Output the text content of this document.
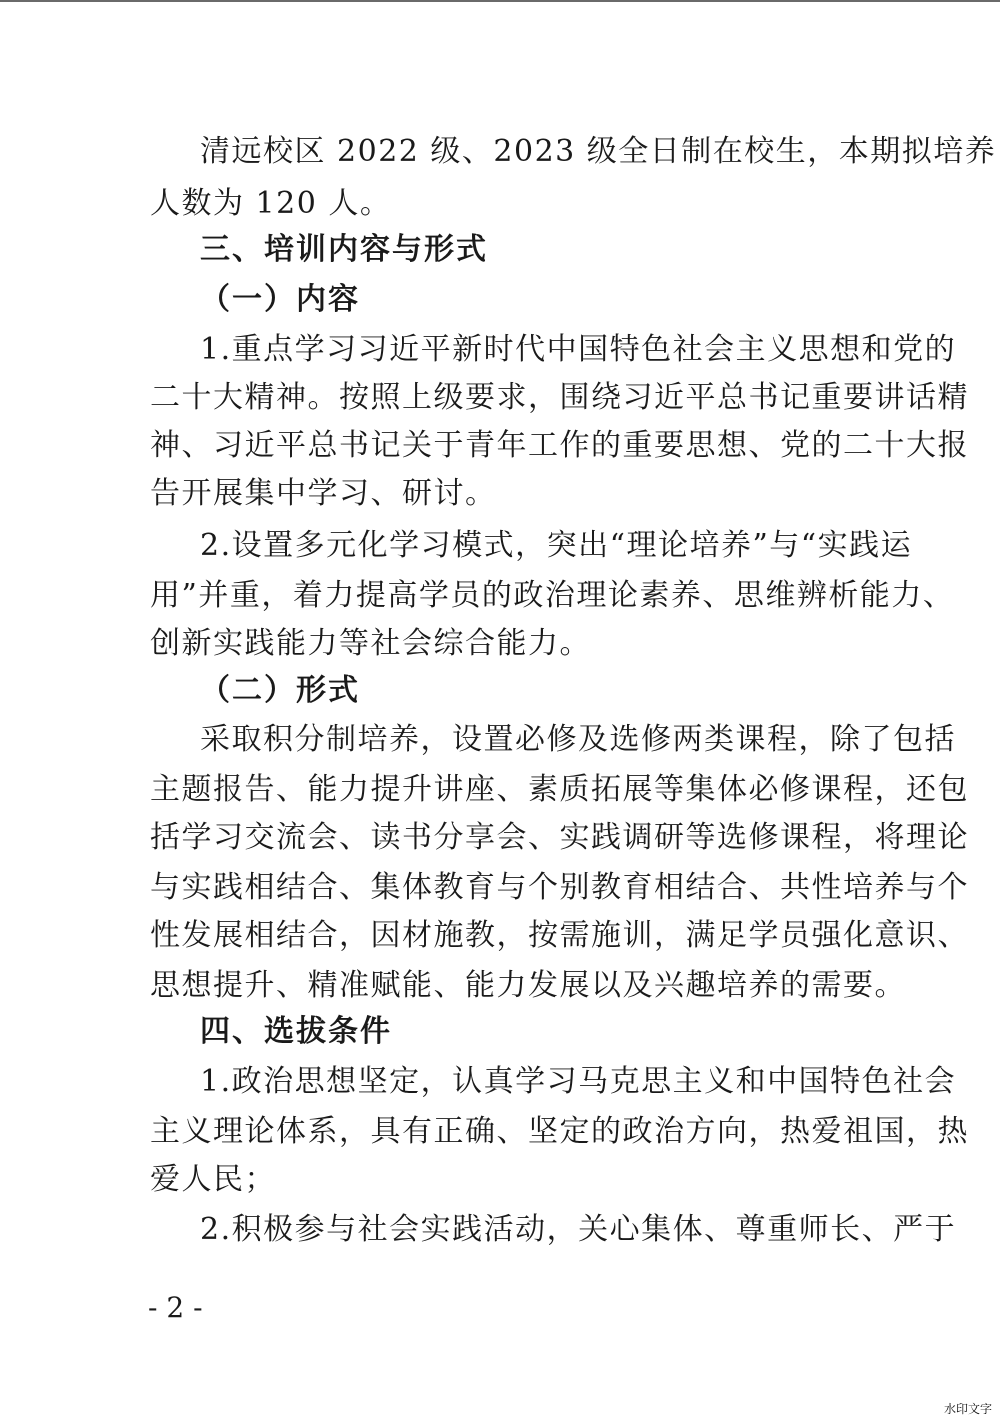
清远校区 2022 级、2023 级全日制在校生，本期拟培养
人数为 120 人。
三、培训内容与形式
（一）内容
1.重点学习习近平新时代中国特色社会主义思想和党的
二十大精神。按照上级要求，围绕习近平总书记重要讲话精
神、习近平总书记关于青年工作的重要思想、党的二十大报
告开展集中学习、研讨。
2.设置多元化学习模式，突出“理论培养”与“实践运
用”并重，着力提高学员的政治理论素养、思维辨析能力、
创新实践能力等社会综合能力。
（二）形式
采取积分制培养，设置必修及选修两类课程，除了包括
主题报告、能力提升讲座、素质拓展等集体必修课程，还包
括学习交流会、读书分享会、实践调研等选修课程，将理论
与实践相结合、集体教育与个别教育相结合、共性培养与个
性发展相结合，因材施教，按需施训，满足学员强化意识、
思想提升、精准赋能、能力发展以及兴趣培养的需要。
四、选拔条件
1.政治思想坚定，认真学习马克思主义和中国特色社会
主义理论体系，具有正确、坚定的政治方向，热爱祖国，热
爱人民；
2.积极参与社会实践活动，关心集体、尊重师长、严于
- 2 -
水印文字
